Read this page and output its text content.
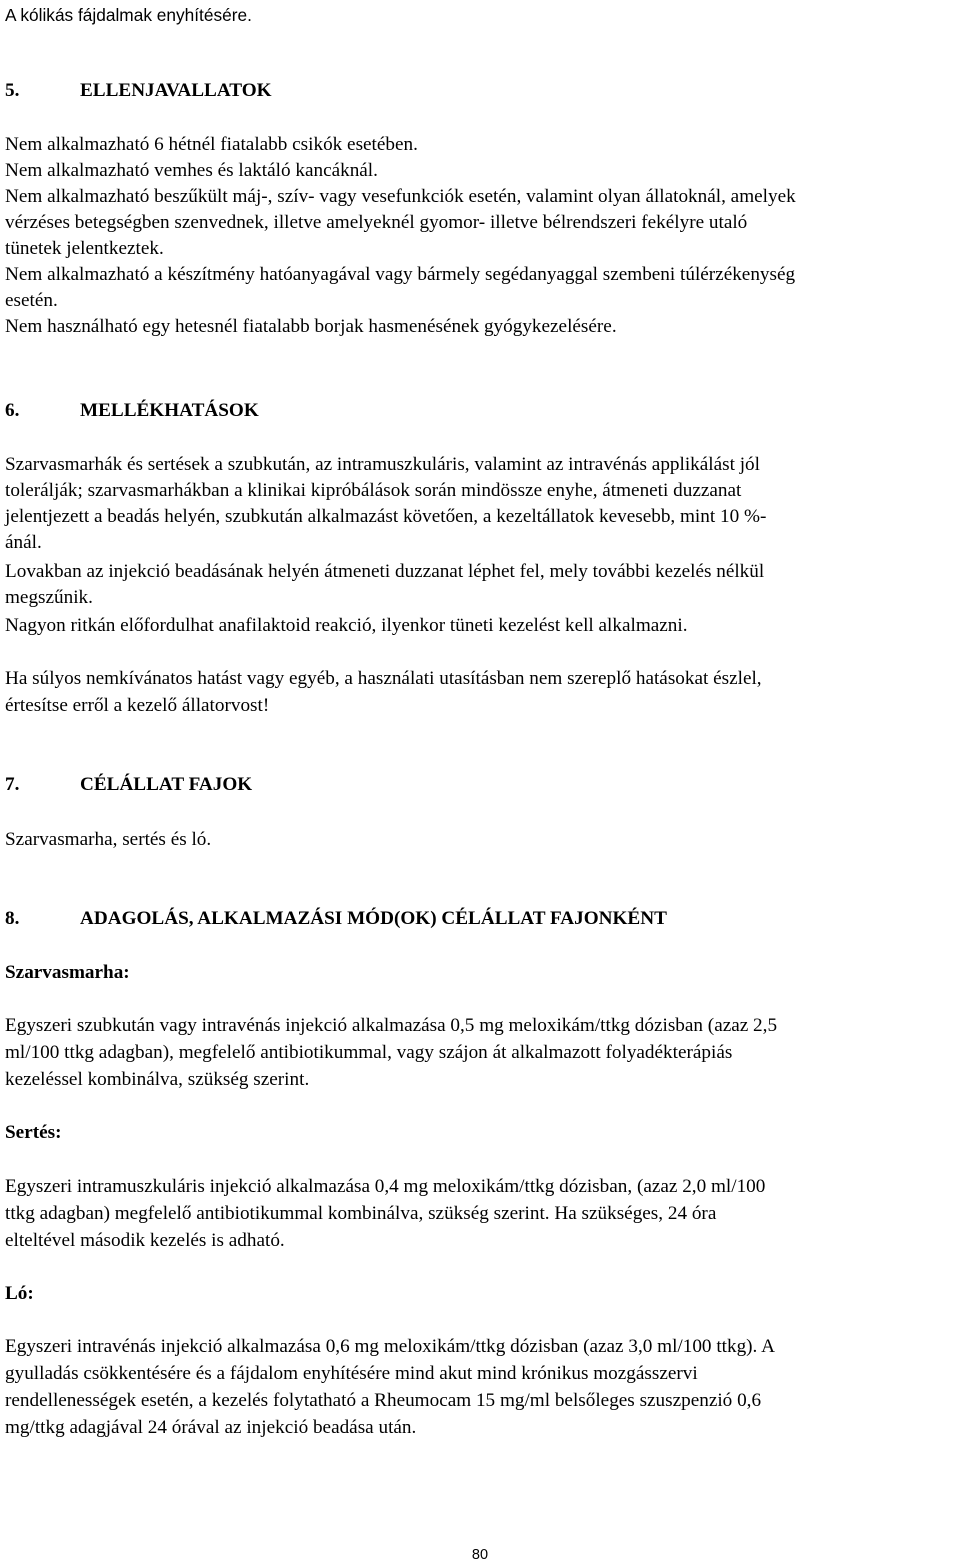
A kólikás fájdalmak enyhítésére.

5.	ELLENJAVALLATOK

Nem alkalmazható 6 hétnél fiatalabb csikók esetében.

Nem alkalmazható vemhes és laktáló kancáknál.

Nem alkalmazható beszűkült máj-, szív- vagy vesefunkciók esetén, valamint olyan állatoknál, amelyek

vérzéses betegségben szenvednek, illetve amelyeknél gyomor- illetve bélrendszeri fekélyre utaló

tünetek jelentkeztek.

Nem alkalmazható a készítmény hatóanyagával vagy bármely segédanyaggal szembeni túlérzékenység

esetén.

Nem használható egy hetesnél fiatalabb borjak hasmenésének gyógykezelésére.

6.	MELLÉKHATÁSOK

Szarvasmarhák és sertések a szubkután, az intramuszkuláris, valamint az intravénás applikálást jól

tolerálják; szarvasmarhákban a klinikai kipróbálások során mindössze enyhe, átmeneti duzzanat

jelentjezett a beadás helyén, szubkután alkalmazást követően, a kezeltállatok kevesebb, mint 10 %-

ánál.

Lovakban az injekció beadásának helyén átmeneti duzzanat léphet fel, mely további kezelés nélkül

megszűnik.

Nagyon ritkán előfordulhat anafilaktoid reakció, ilyenkor tüneti kezelést kell alkalmazni.

Ha súlyos nemkívánatos hatást vagy egyéb, a használati utasításban nem szereplő hatásokat észlel,

értesítse erről a kezelő állatorvost!

7.	CÉLÁLLAT FAJOK

Szarvasmarha, sertés és ló.

8.	ADAGOLÁS, ALKALMAZÁSI MÓD(OK) CÉLÁLLAT FAJONKÉNT

Szarvasmarha:

Egyszeri szubkután vagy intravénás injekció alkalmazása 0,5 mg meloxikám/ttkg dózisban (azaz 2,5

ml/100 ttkg adagban), megfelelő antibiotikummal, vagy szájon át alkalmazott folyadékterápiás

kezeléssel kombinálva, szükség szerint.

Sertés:

Egyszeri intramuszkuláris injekció alkalmazása 0,4 mg meloxikám/ttkg dózisban, (azaz 2,0 ml/100

ttkg adagban) megfelelő antibiotikummal kombinálva, szükség szerint. Ha szükséges, 24 óra

elteltével második kezelés is adható.

Ló:

Egyszeri intravénás injekció alkalmazása 0,6 mg meloxikám/ttkg dózisban (azaz 3,0 ml/100 ttkg). A

gyulladás csökkentésére és a fájdalom enyhítésére mind akut mind krónikus mozgásszervi

rendellenességek esetén, a kezelés folytatható a Rheumocam 15 mg/ml belsőleges szuszpenzió 0,6

mg/ttkg adagjával 24 órával az injekció beadása után.

80
